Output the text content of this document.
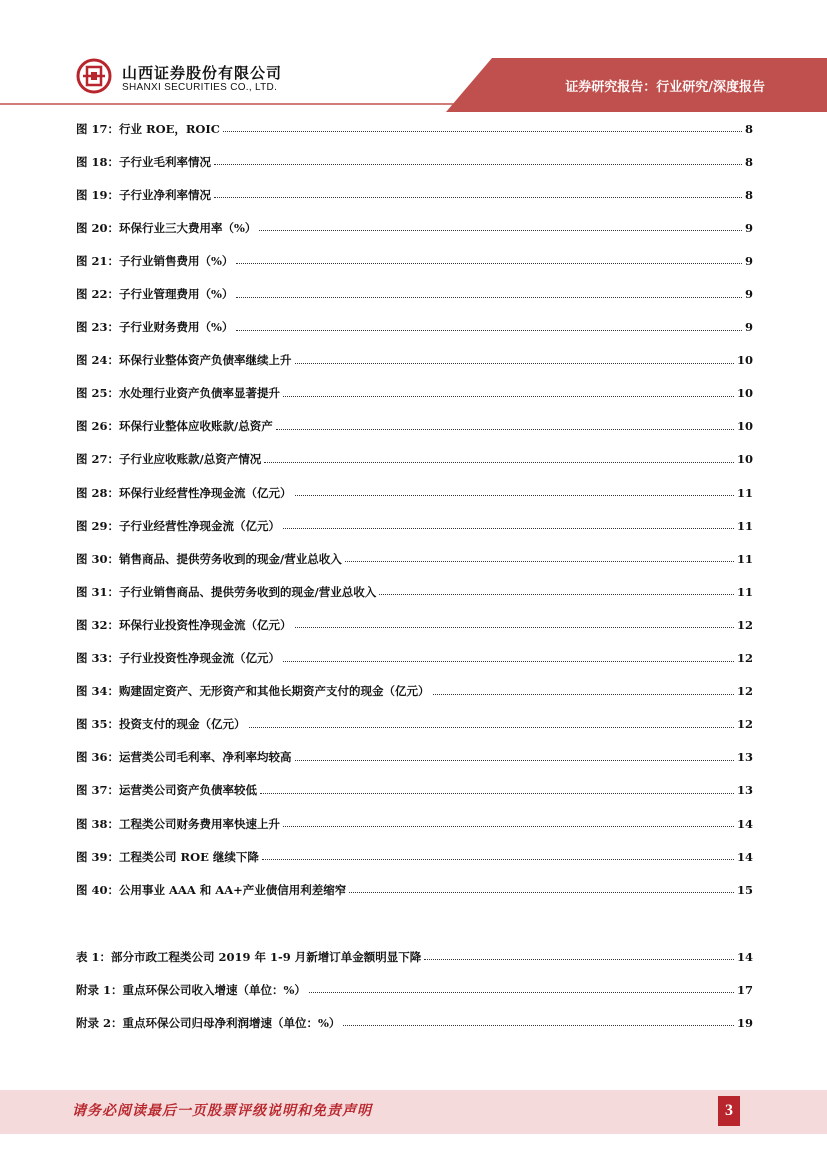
山西证券股份有限公司
SHANXI SECURITIES CO., LTD.	证券研究报告：行业研究/深度报告
图 17：行业 ROE，ROIC	8
图 18：子行业毛利率情况	8
图 19：子行业净利率情况	8
图 20：环保行业三大费用率（%）	9
图 21：子行业销售费用（%）	9
图 22：子行业管理费用（%）	9
图 23：子行业财务费用（%）	9
图 24：环保行业整体资产负债率继续上升	10
图 25：水处理行业资产负债率显著提升	10
图 26：环保行业整体应收账款/总资产	10
图 27：子行业应收账款/总资产情况	10
图 28：环保行业经营性净现金流（亿元）	11
图 29：子行业经营性净现金流（亿元）	11
图 30：销售商品、提供劳务收到的现金/营业总收入	11
图 31：子行业销售商品、提供劳务收到的现金/营业总收入	11
图 32：环保行业投资性净现金流（亿元）	12
图 33：子行业投资性净现金流（亿元）	12
图 34：购建固定资产、无形资产和其他长期资产支付的现金（亿元）	12
图 35：投资支付的现金（亿元）	12
图 36：运营类公司毛利率、净利率均较高	13
图 37：运营类公司资产负债率较低	13
图 38：工程类公司财务费用率快速上升	14
图 39：工程类公司 ROE 继续下降	14
图 40：公用事业 AAA 和 AA+产业债信用利差缩窄	15
表 1：部分市政工程类公司 2019 年 1-9 月新增订单金额明显下降	14
附录 1：重点环保公司收入增速（单位：%）	17
附录 2：重点环保公司归母净利润增速（单位：%）	19
请务必阅读最后一页股票评级说明和免责声明	3
